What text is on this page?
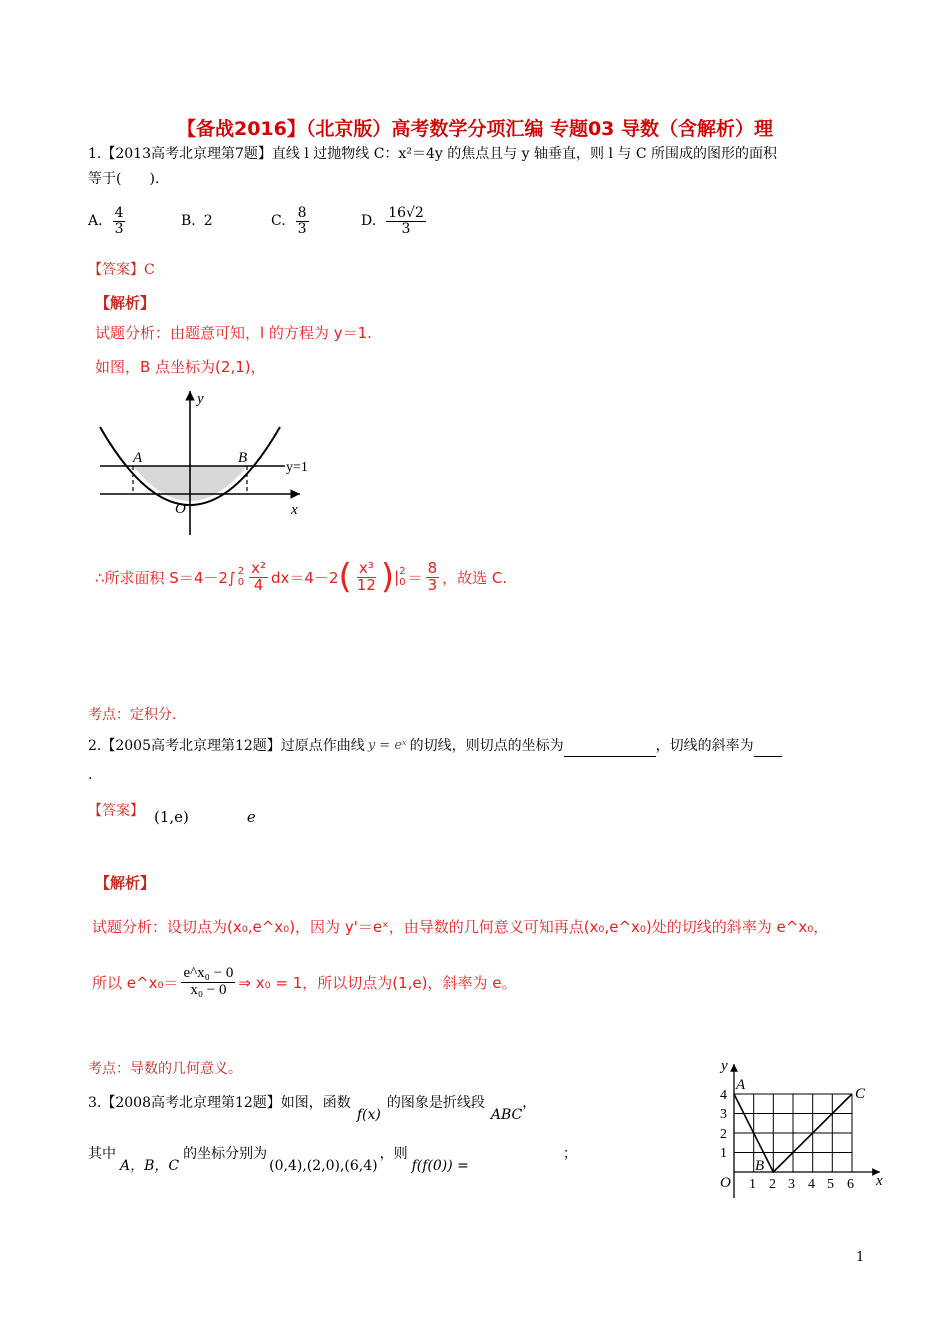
【备战2016】（北京版）高考数学分项汇编 专题03 导数（含解析）理
1.【2013高考北京理第7题】直线 l 过抛物线 C：x²＝4y 的焦点且与 y 轴垂直，则 l 与 C 所围成的图形的面积
等于(　　).
A. $\frac{4}{3}$	B. 2	C. $\frac{8}{3}$	D. $\frac{16√2}{3}$
【答案】C
【解析】
试题分析：由题意可知，l 的方程为 y＝1.
如图，B 点坐标为(2,1)，
y
x
A	B
O
y=1
∴所求面积 S＝4－2∫ 2
$0 \frac{\text{x²}}{4} dx=4-2$ ( $\frac{\text{x³}}{12}$ ) | 2
$0 = \frac{8}{3}$ ，故选 C.
考点：定积分.
2.【2005高考北京理第12题】过原点作曲线 y = eˣ 的切线，则切点的坐标为	，切线的斜率为
.
【答案】 (1,e)	e
【解析】
试题分析：设切点为(x₀,e^x₀)，因为 y'＝eˣ，由导数的几何意义可知再点(x₀,e^x₀)处的切线的斜率为 e^x₀，
所以 e^x₀＝ $\frac{\text{e\textasciicircum{}x₀ − 0}}{\text{x₀ − 0}}$ ⇒ x₀ = 1，所以切点为(1,e)，斜率为 e。
考点：导数的几何意义。
3.【2008高考北京理第12题】如图，函数
f(x)
的图象是折线段
ABC
，
其中
A，B，C
的坐标分别为
(0,4),(2,0),(6,4)
，则
f(f(0)) =
；
y
x
O
A
B
C
1 2 3 4 5 6
1
2
3
4
1
